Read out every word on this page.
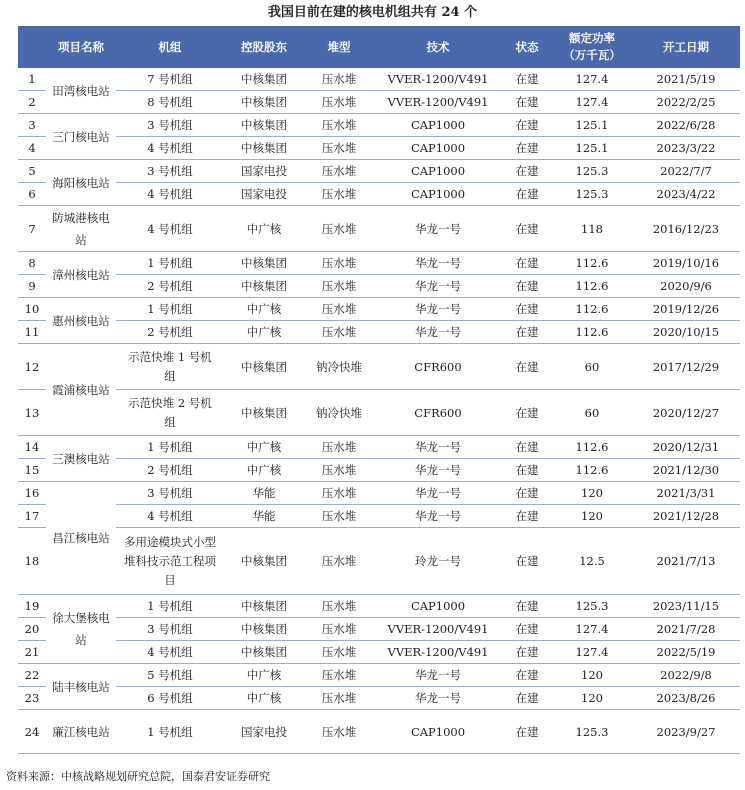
我国目前在建的核电机组共有 24 个
	项目名称	机组	控股股东	堆型	技术	状态	额定功率（万千瓦）	开工日期
1	田湾核电站	7 号机组	中核集团	压水堆	VVER-1200/V491	在建	127.4	2021/5/19
2		8 号机组	中核集团	压水堆	VVER-1200/V491	在建	127.4	2022/2/25
3	三门核电站	3 号机组	中核集团	压水堆	CAP1000	在建	125.1	2022/6/28
4		4 号机组	中核集团	压水堆	CAP1000	在建	125.1	2023/3/22
5	海阳核电站	3 号机组	国家电投	压水堆	CAP1000	在建	125.3	2022/7/7
6		4 号机组	国家电投	压水堆	CAP1000	在建	125.3	2023/4/22
7	防城港核电站	4 号机组	中广核	压水堆	华龙一号	在建	118	2016/12/23
8	漳州核电站	1 号机组	中核集团	压水堆	华龙一号	在建	112.6	2019/10/16
9		2 号机组	中核集团	压水堆	华龙一号	在建	112.6	2020/9/6
10	惠州核电站	1 号机组	中广核	压水堆	华龙一号	在建	112.6	2019/12/26
11		2 号机组	中广核	压水堆	华龙一号	在建	112.6	2020/10/15
12	霞浦核电站	示范快堆 1 号机组	中核集团	钠冷快堆	CFR600	在建	60	2017/12/29
13		示范快堆 2 号机组	中核集团	钠冷快堆	CFR600	在建	60	2020/12/27
14	三澳核电站	1 号机组	中广核	压水堆	华龙一号	在建	112.6	2020/12/31
15		2 号机组	中广核	压水堆	华龙一号	在建	112.6	2021/12/30
16	昌江核电站	3 号机组	华能	压水堆	华龙一号	在建	120	2021/3/31
17		4 号机组	华能	压水堆	华龙一号	在建	120	2021/12/28
18		多用途模块式小型堆科技示范工程项目	中核集团	压水堆	玲龙一号	在建	12.5	2021/7/13
19	徐大堡核电站	1 号机组	中核集团	压水堆	CAP1000	在建	125.3	2023/11/15
20		3 号机组	中核集团	压水堆	VVER-1200/V491	在建	127.4	2021/7/28
21		4 号机组	中核集团	压水堆	VVER-1200/V491	在建	127.4	2022/5/19
22	陆丰核电站	5 号机组	中广核	压水堆	华龙一号	在建	120	2022/9/8
23		6 号机组	中广核	压水堆	华龙一号	在建	120	2023/8/26
24	廉江核电站	1 号机组	国家电投	压水堆	CAP1000	在建	125.3	2023/9/27
资料来源：中核战略规划研究总院，国泰君安证券研究
